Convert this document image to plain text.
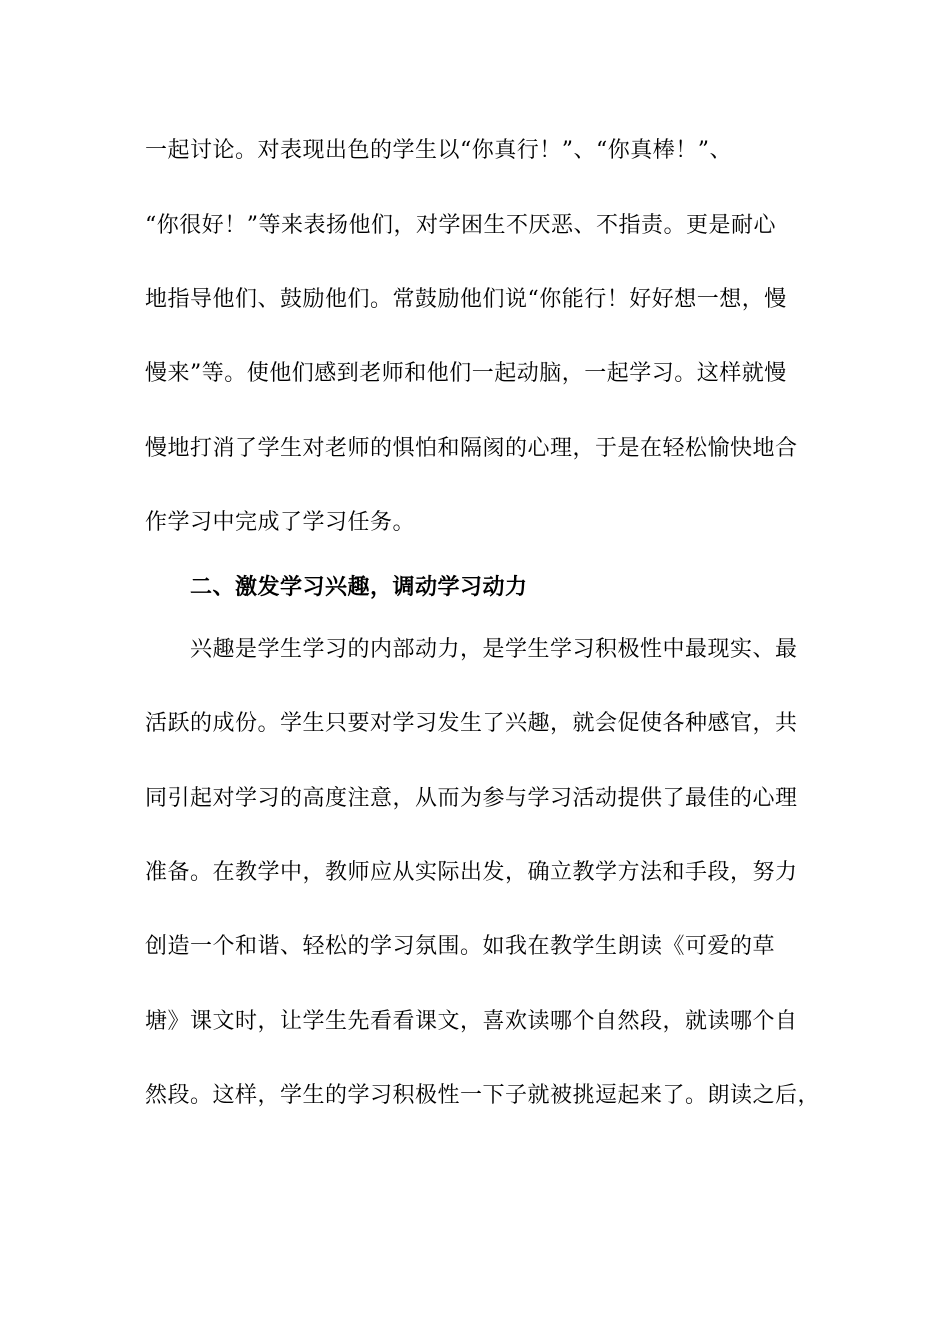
一起讨论。对表现出色的学生以“你真行！”、“你真棒！”、
“你很好！”等来表扬他们，对学困生不厌恶、不指责。更是耐心
地指导他们、鼓励他们。常鼓励他们说“你能行！好好想一想，慢
慢来”等。使他们感到老师和他们一起动脑，一起学习。这样就慢
慢地打消了学生对老师的惧怕和隔阂的心理，于是在轻松愉快地合
作学习中完成了学习任务。
二、激发学习兴趣，调动学习动力
兴趣是学生学习的内部动力，是学生学习积极性中最现实、最
活跃的成份。学生只要对学习发生了兴趣，就会促使各种感官，共
同引起对学习的高度注意，从而为参与学习活动提供了最佳的心理
准备。在教学中，教师应从实际出发，确立教学方法和手段，努力
创造一个和谐、轻松的学习氛围。如我在教学生朗读《可爱的草
塘》课文时，让学生先看看课文，喜欢读哪个自然段，就读哪个自
然段。这样，学生的学习积极性一下子就被挑逗起来了。朗读之后，
